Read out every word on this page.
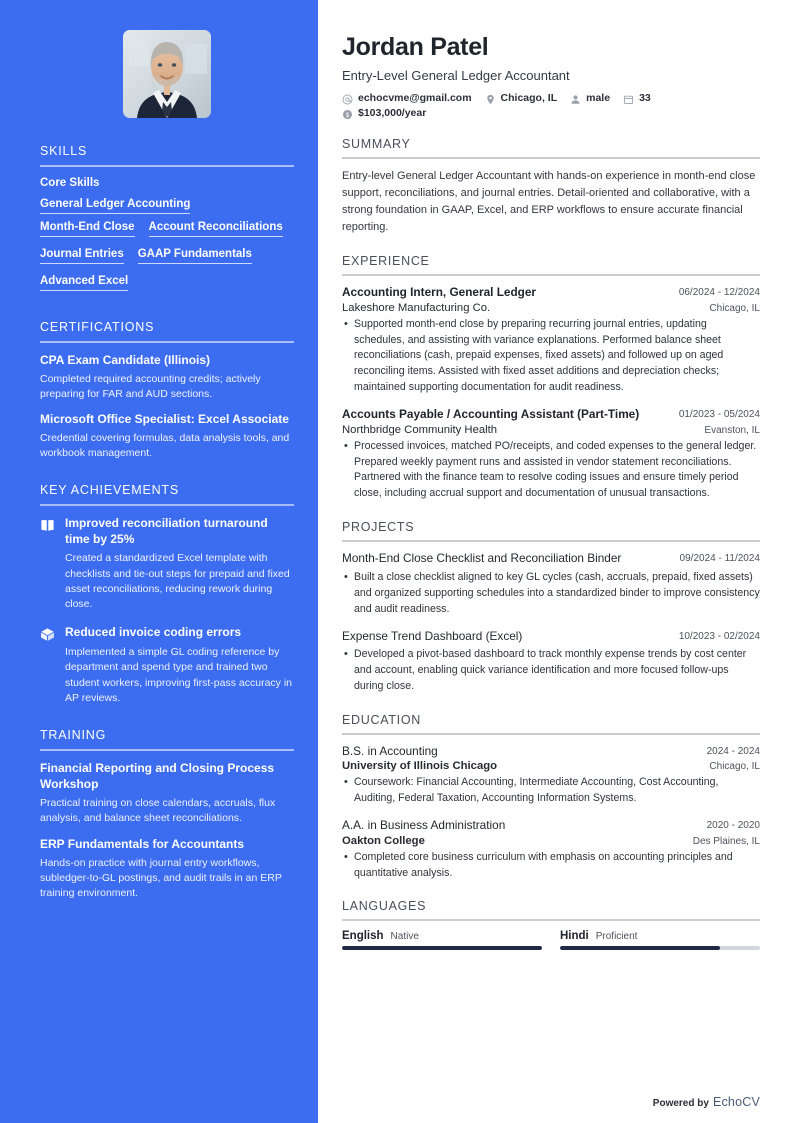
SKILLS
Core Skills
General Ledger Accounting
Month-End Close Account Reconciliations
Journal Entries GAAP Fundamentals
Advanced Excel
CERTIFICATIONS
CPA Exam Candidate (Illinois)
Completed required accounting credits; actively preparing for FAR and AUD sections.
Microsoft Office Specialist: Excel Associate
Credential covering formulas, data analysis tools, and workbook management.
KEY ACHIEVEMENTS
Improved reconciliation turnaround time by 25%
Created a standardized Excel template with checklists and tie-out steps for prepaid and fixed asset reconciliations, reducing rework during close.
Reduced invoice coding errors
Implemented a simple GL coding reference by department and spend type and trained two student workers, improving first-pass accuracy in AP reviews.
TRAINING
Financial Reporting and Closing Process Workshop
Practical training on close calendars, accruals, flux analysis, and balance sheet reconciliations.
ERP Fundamentals for Accountants
Hands-on practice with journal entry workflows, subledger-to-GL postings, and audit trails in an ERP training environment.
Jordan Patel
Entry-Level General Ledger Accountant
echocvme@gmail.com	Chicago, IL	male	33
$ $103,000/year
SUMMARY

Entry-level General Ledger Accountant with hands-on experience in month-end close support, reconciliations, and journal entries. Detail-oriented and collaborative, with a strong foundation in GAAP, Excel, and ERP workflows to ensure accurate financial reporting.

EXPERIENCE
Accounting Intern, General Ledger	06/2024 - 12/2024
Lakeshore Manufacturing Co.	Chicago, IL
• Supported month-end close by preparing recurring journal entries, updating schedules, and assisting with variance explanations. Performed balance sheet reconciliations (cash, prepaid expenses, fixed assets) and followed up on aged reconciling items. Assisted with fixed asset additions and depreciation checks; maintained supporting documentation for audit readiness.
Accounts Payable / Accounting Assistant (Part-Time)	01/2023 - 05/2024
Northbridge Community Health	Evanston, IL
• Processed invoices, matched PO/receipts, and coded expenses to the general ledger. Prepared weekly payment runs and assisted in vendor statement reconciliations. Partnered with the finance team to resolve coding issues and ensure timely period close, including accrual support and documentation of unusual transactions.
PROJECTS
Month-End Close Checklist and Reconciliation Binder	09/2024 - 11/2024
• Built a close checklist aligned to key GL cycles (cash, accruals, prepaid, fixed assets) and organized supporting schedules into a standardized binder to improve consistency and audit readiness.
Expense Trend Dashboard (Excel)	10/2023 - 02/2024
• Developed a pivot-based dashboard to track monthly expense trends by cost center and account, enabling quick variance identification and more focused follow-ups during close.
EDUCATION
B.S. in Accounting	2024 - 2024
University of Illinois Chicago	Chicago, IL
• Coursework: Financial Accounting, Intermediate Accounting, Cost Accounting, Auditing, Federal Taxation, Accounting Information Systems.
A.A. in Business Administration	2020 - 2020
Oakton College	Des Plaines, IL
• Completed core business curriculum with emphasis on accounting principles and quantitative analysis.
LANGUAGES
English Native	Hindi Proficient
Powered by EchoCV
